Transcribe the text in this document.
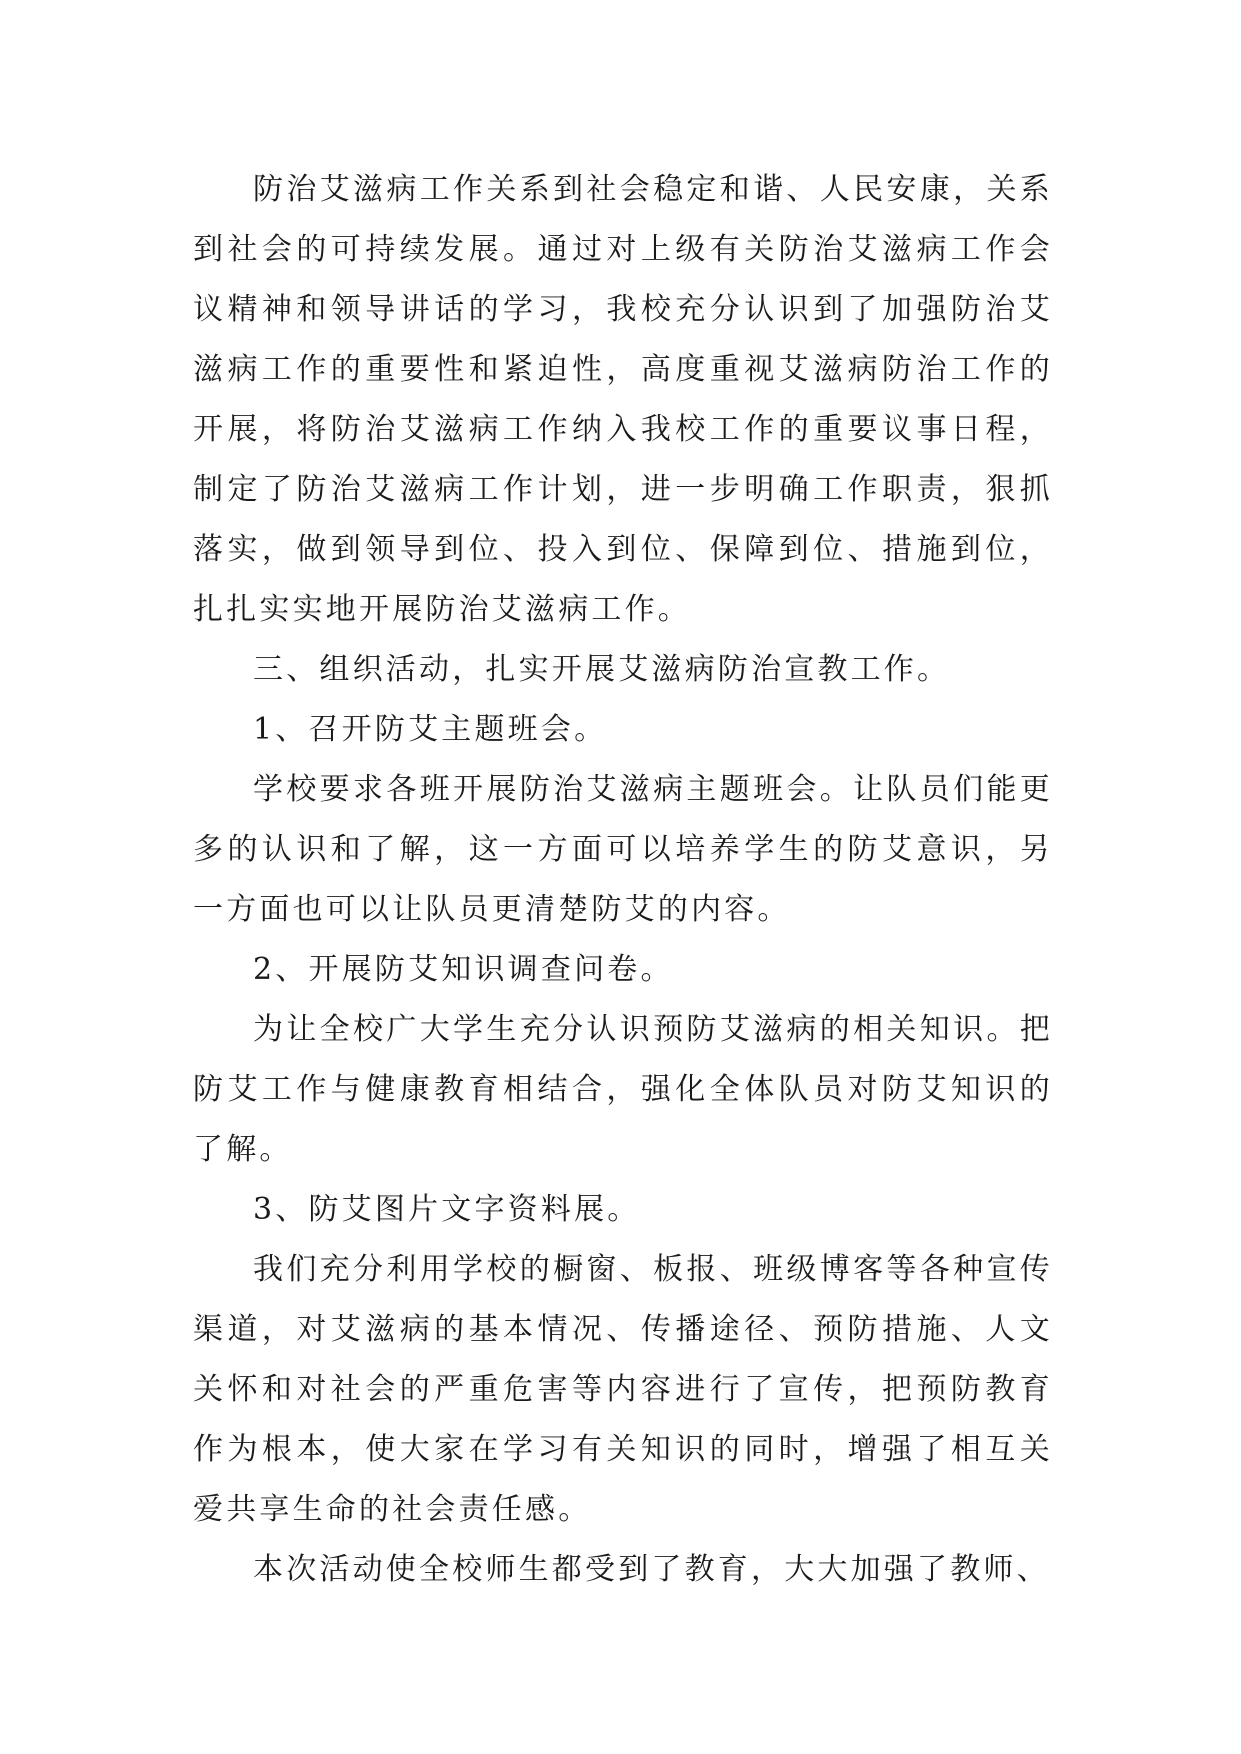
防治艾滋病工作关系到社会稳定和谐、人民安康，关系到社会的可持续发展。通过对上级有关防治艾滋病工作会议精神和领导讲话的学习，我校充分认识到了加强防治艾滋病工作的重要性和紧迫性，高度重视艾滋病防治工作的开展，将防治艾滋病工作纳入我校工作的重要议事日程，制定了防治艾滋病工作计划，进一步明确工作职责，狠抓落实，做到领导到位、投入到位、保障到位、措施到位，扎扎实实地开展防治艾滋病工作。

三、组织活动，扎实开展艾滋病防治宣教工作。

1、召开防艾主题班会。

学校要求各班开展防治艾滋病主题班会。让队员们能更多的认识和了解，这一方面可以培养学生的防艾意识，另一方面也可以让队员更清楚防艾的内容。

2、开展防艾知识调查问卷。

为让全校广大学生充分认识预防艾滋病的相关知识。把防艾工作与健康教育相结合，强化全体队员对防艾知识的了解。

3、防艾图片文字资料展。

我们充分利用学校的橱窗、板报、班级博客等各种宣传渠道，对艾滋病的基本情况、传播途径、预防措施、人文关怀和对社会的严重危害等内容进行了宣传，把预防教育作为根本，使大家在学习有关知识的同时，增强了相互关爱共享生命的社会责任感。

本次活动使全校师生都受到了教育，大大加强了教师、
